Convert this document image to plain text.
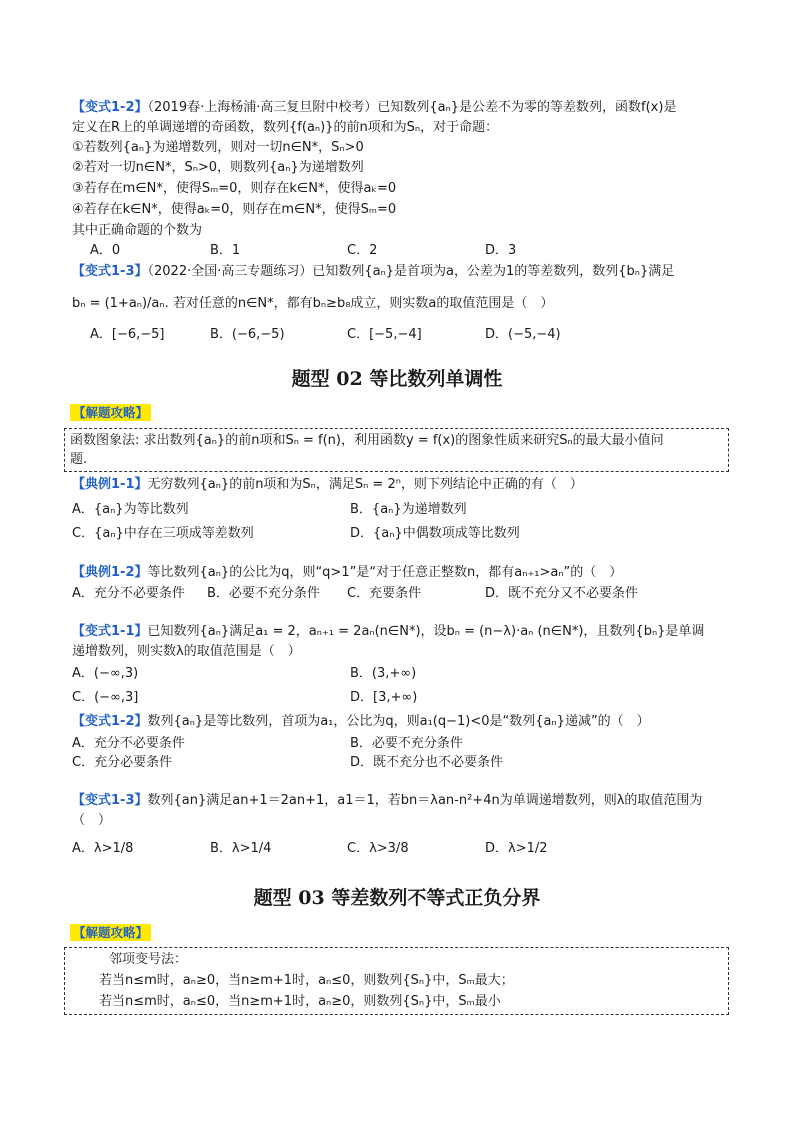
【变式1-2】（2019春·上海杨浦·高三复旦附中校考）已知数列{aₙ}是公差不为零的等差数列，函数f(x)是
定义在R上的单调递增的奇函数，数列{f(aₙ)}的前n项和为Sₙ，对于命题：
①若数列{aₙ}为递增数列，则对一切n∈N*，Sₙ>0
②若对一切n∈N*，Sₙ>0，则数列{aₙ}为递增数列
③若存在m∈N*，使得Sₘ=0，则存在k∈N*，使得aₖ=0
④若存在k∈N*，使得aₖ=0，则存在m∈N*，使得Sₘ=0
其中正确命题的个数为
A．0	B．1	C．2	D．3
【变式1-3】（2022·全国·高三专题练习）已知数列{aₙ}是首项为a，公差为1的等差数列，数列{bₙ}满足
bₙ = (1+aₙ)/aₙ. 若对任意的n∈N*，都有bₙ≥b₈成立，则实数a的取值范围是（　）
A．[−6,−5]	B．(−6,−5)	C．[−5,−4]	D．(−5,−4)
题型 02 等比数列单调性
【解题攻略】
函数图象法: 求出数列{aₙ}的前n项和Sₙ = f(n)，利用函数y = f(x)的图象性质来研究Sₙ的最大最小值问
题.
【典例1-1】无穷数列{aₙ}的前n项和为Sₙ，满足Sₙ = 2ⁿ，则下列结论中正确的有（　）
A．{aₙ}为等比数列	B．{aₙ}为递增数列
C．{aₙ}中存在三项成等差数列	D．{aₙ}中偶数项成等比数列
【典例1-2】等比数列{aₙ}的公比为q，则“q>1”是“对于任意正整数n，都有aₙ₊₁>aₙ”的（　）
A．充分不必要条件 B．必要不充分条件 C．充要条件	D．既不充分又不必要条件
【变式1-1】已知数列{aₙ}满足a₁ = 2，aₙ₊₁ = 2aₙ(n∈N*)，设bₙ = (n−λ)·aₙ (n∈N*)，且数列{bₙ}是单调
递增数列，则实数λ的取值范围是（　）
A．(−∞,3)	B．(3,+∞)
C．(−∞,3]	D．[3,+∞)
【变式1-2】数列{aₙ}是等比数列，首项为a₁，公比为q，则a₁(q−1)<0是“数列{aₙ}递减”的（　）
A．充分不必要条件	B．必要不充分条件
C．充分必要条件	D．既不充分也不必要条件
【变式1-3】数列{an}满足an+1＝2an+1，a1＝1，若bn＝λan-n²+4n为单调递增数列，则λ的取值范围为
（　）
A．λ>1/8	B．λ>1/4	C．λ>3/8	D．λ>1/2
题型 03 等差数列不等式正负分界
【解题攻略】
邻项变号法：
若当n≤m时，aₙ≥0，当n≥m+1时，aₙ≤0，则数列{Sₙ}中，Sₘ最大；
若当n≤m时，aₙ≤0，当n≥m+1时，aₙ≥0，则数列{Sₙ}中，Sₘ最小
